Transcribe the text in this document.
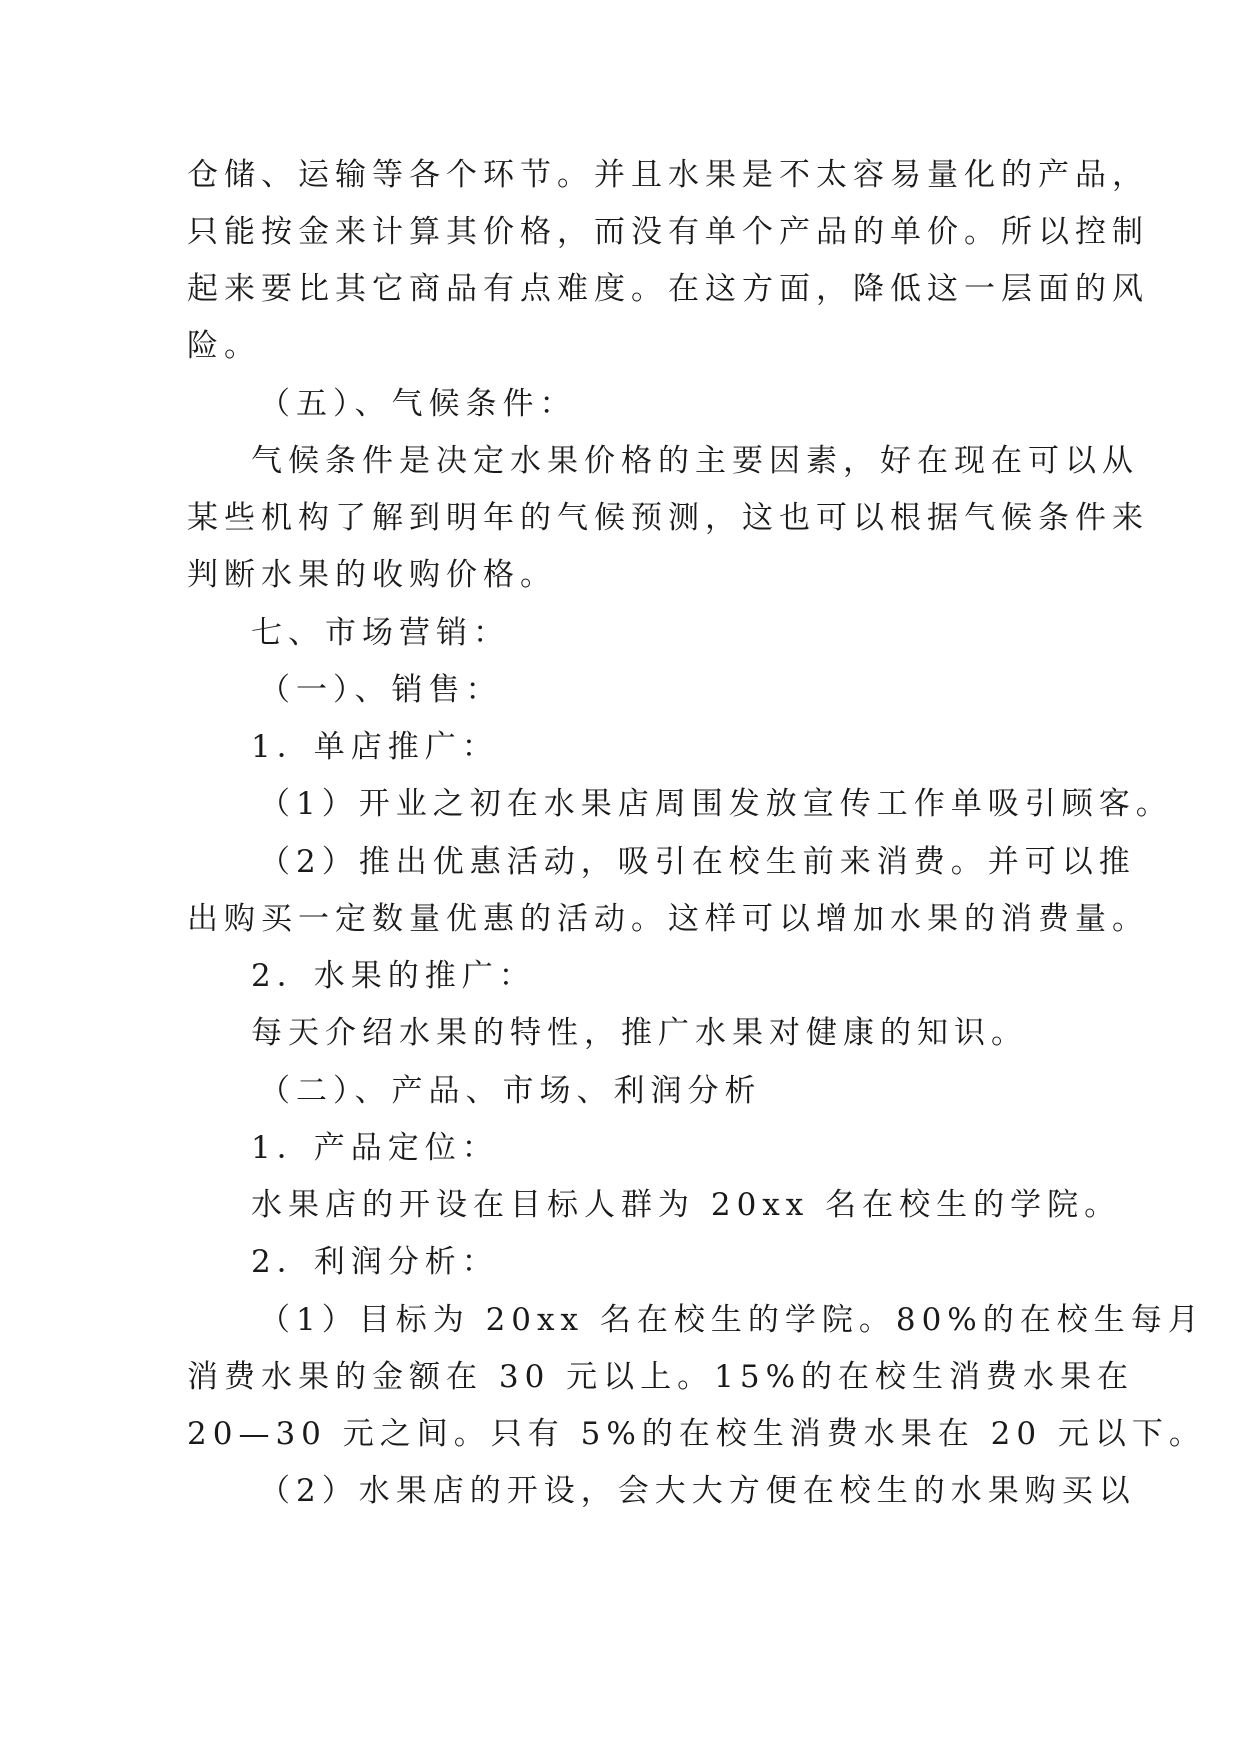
仓储、运输等各个环节。并且水果是不太容易量化的产品，
只能按金来计算其价格，而没有单个产品的单价。所以控制
起来要比其它商品有点难度。在这方面，降低这一层面的风
险。
（五）、气候条件：
气候条件是决定水果价格的主要因素，好在现在可以从
某些机构了解到明年的气候预测，这也可以根据气候条件来
判断水果的收购价格。
七、市场营销：
（一）、销售：
1．单店推广：
（1）开业之初在水果店周围发放宣传工作单吸引顾客。
（2）推出优惠活动，吸引在校生前来消费。并可以推
出购买一定数量优惠的活动。这样可以增加水果的消费量。
2．水果的推广：
每天介绍水果的特性，推广水果对健康的知识。
（二）、产品、市场、利润分析
1．产品定位：
水果店的开设在目标人群为 20xx 名在校生的学院。
2．利润分析：
（1）目标为 20xx 名在校生的学院。80%的在校生每月
消费水果的金额在 30 元以上。15%的在校生消费水果在
20—30 元之间。只有 5%的在校生消费水果在 20 元以下。
（2）水果店的开设，会大大方便在校生的水果购买以
